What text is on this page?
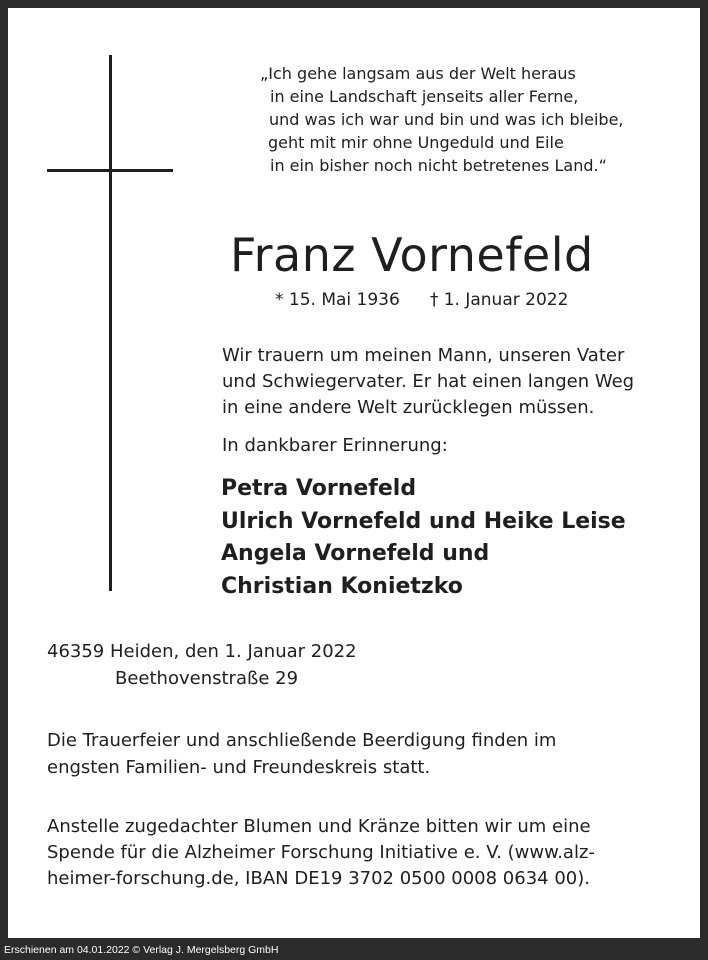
„Ich gehe langsam aus der Welt heraus
in eine Landschaft jenseits aller Ferne,
und was ich war und bin und was ich bleibe,
geht mit mir ohne Ungeduld und Eile
in ein bisher noch nicht betretenes Land.“
Franz Vornefeld
* 15. Mai 1936 † 1. Januar 2022
Wir trauern um meinen Mann, unseren Vater
und Schwiegervater. Er hat einen langen Weg
in eine andere Welt zurücklegen müssen.
In dankbarer Erinnerung:
Petra Vornefeld
Ulrich Vornefeld und Heike Leise
Angela Vornefeld und
Christian Konietzko
46359 Heiden, den 1. Januar 2022
Beethovenstraße 29
Die Trauerfeier und anschließende Beerdigung finden im
engsten Familien- und Freundeskreis statt.
Anstelle zugedachter Blumen und Kränze bitten wir um eine
Spende für die Alzheimer Forschung Initiative e. V. (www.alz-
heimer-forschung.de, IBAN DE19 3702 0500 0008 0634 00).
Erschienen am 04.01.2022 © Verlag J. Mergelsberg GmbH
